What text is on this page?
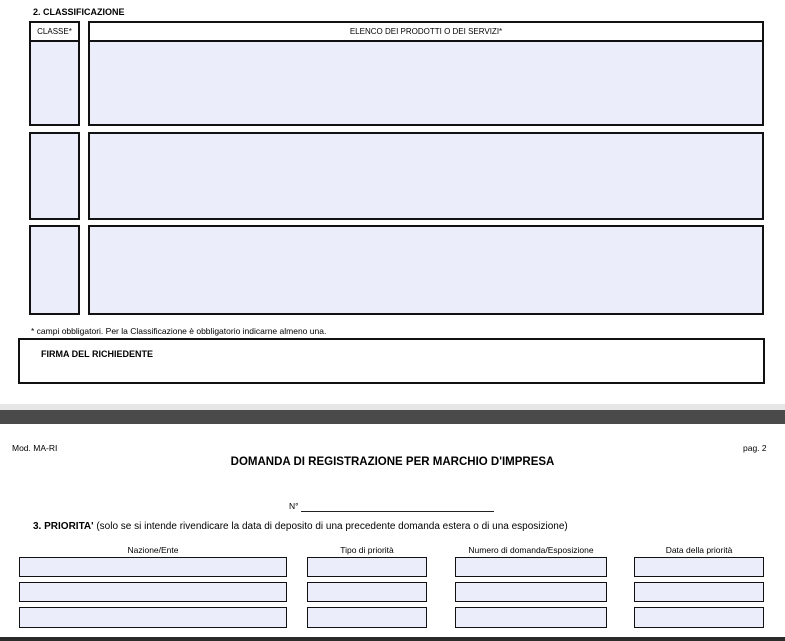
2. CLASSIFICAZIONE
CLASSE*	ELENCO DEI PRODOTTI O DEI SERVIZI*
* campi obbligatori. Per la Classificazione è obbligatorio indicarne almeno una.
FIRMA DEL RICHIEDENTE
Mod. MA-RI	pag. 2
DOMANDA DI REGISTRAZIONE PER MARCHIO D'IMPRESA
N°
3. PRIORITA' (solo se si intende rivendicare la data di deposito di una precedente domanda estera o di una esposizione)
Nazione/Ente	Tipo di priorità	Numero di domanda/Esposizione	Data della priorità
